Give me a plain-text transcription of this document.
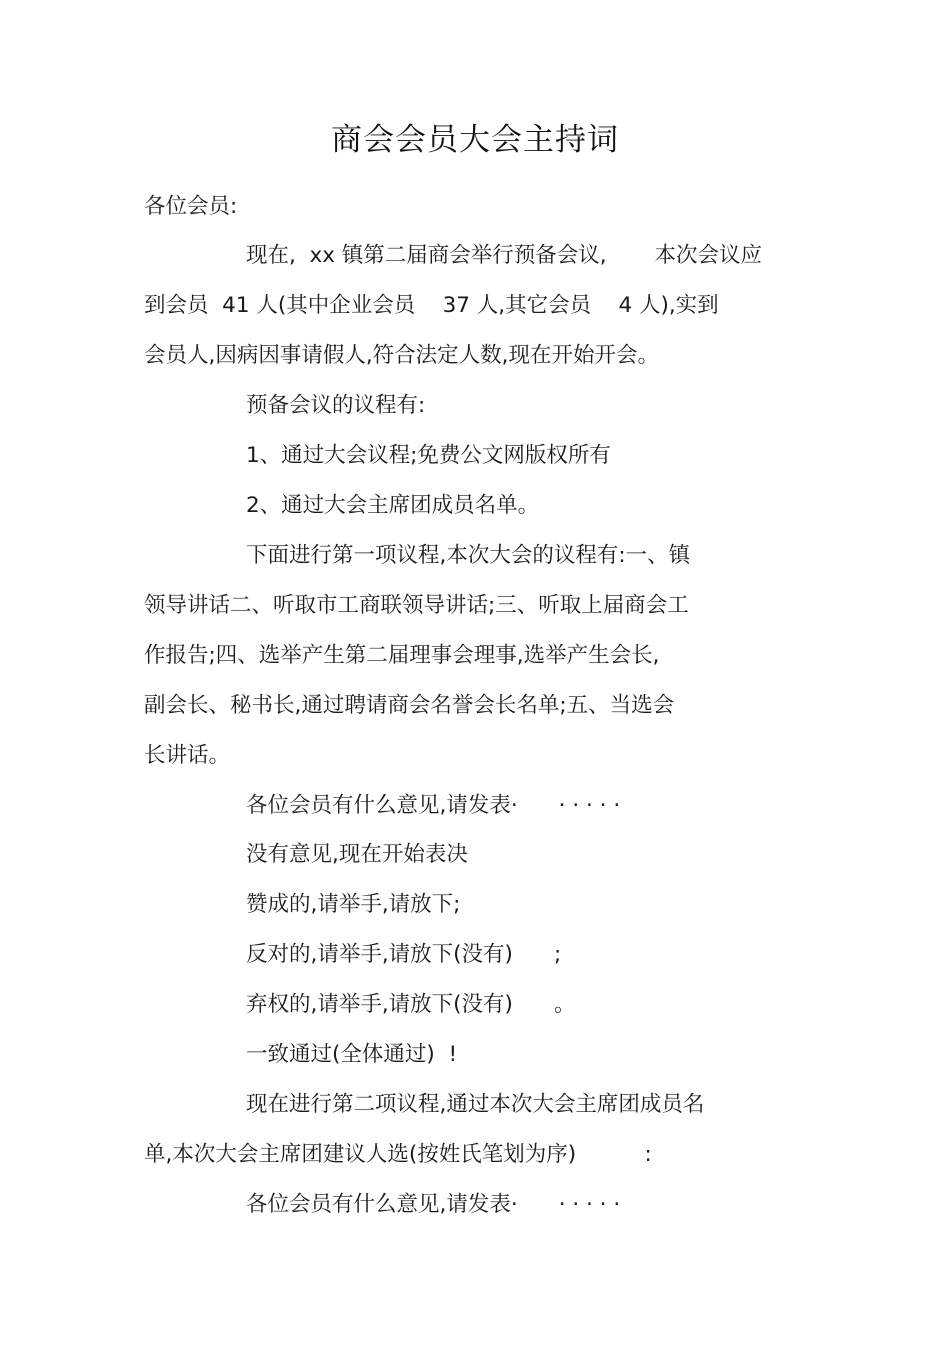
商会会员大会主持词
各位会员:
现在,  xx 镇第二届商会举行预备会议,       本次会议应
到会员  41 人(其中企业会员    37 人,其它会员    4 人),实到
会员人,因病因事请假人,符合法定人数,现在开始开会。
预备会议的议程有:
1、通过大会议程;免费公文网版权所有
2、通过大会主席团成员名单。
下面进行第一项议程,本次大会的议程有:一、镇
领导讲话二、听取市工商联领导讲话;三、听取上届商会工
作报告;四、选举产生第二届理事会理事,选举产生会长,
副会长、秘书长,通过聘请商会名誉会长名单;五、当选会
长讲话。
各位会员有什么意见,请发表·      · · · · ·
没有意见,现在开始表决
赞成的,请举手,请放下;
反对的,请举手,请放下(没有)      ;
弃权的,请举手,请放下(没有)      。
一致通过(全体通过)  !
现在进行第二项议程,通过本次大会主席团成员名
单,本次大会主席团建议人选(按姓氏笔划为序)          :
各位会员有什么意见,请发表·      · · · · ·
